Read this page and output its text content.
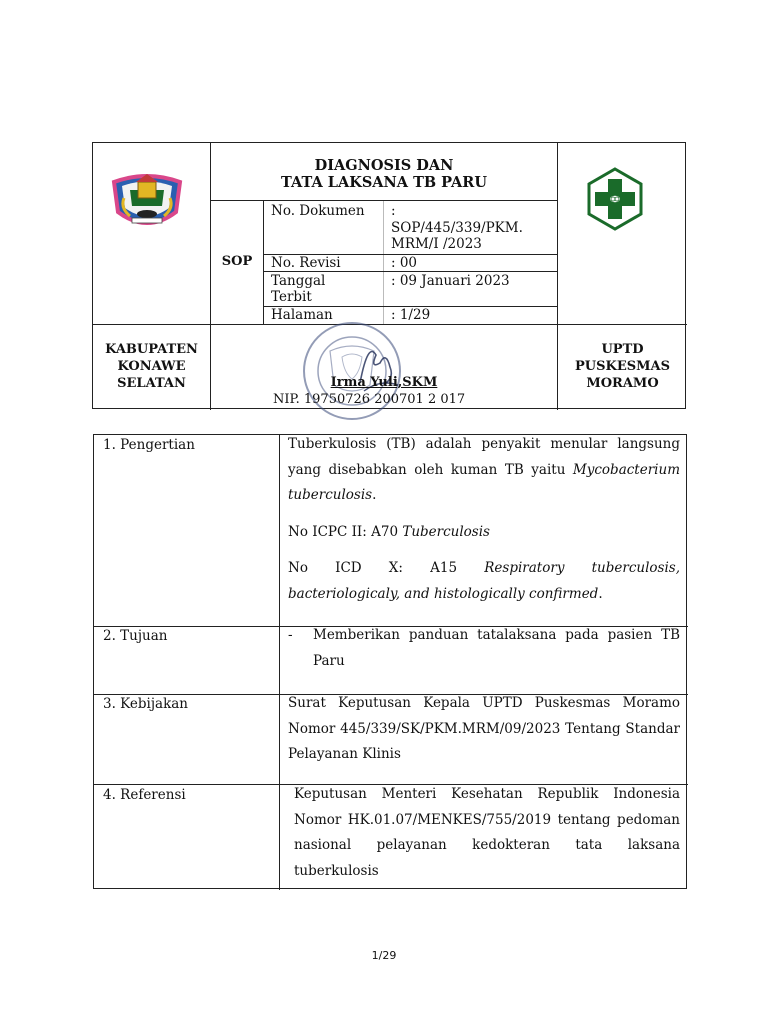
DIAGNOSIS DAN
TATA LAKSANA TB PARU
SOP
No. Dokumen :
SOP/445/339/PKM.
MRM/I /2023
No. Revisi	: 00
Tanggal
Terbit
: 09 Januari 2023
Halaman	: 1/29
KABUPATEN
KONAWE
SELATAN
UPTD
PUSKESMAS
MORAMO
Irma Yuli,SKM
NIP. 19750726 200701 2 017
1. Pengertian	Tuberkulosis (TB) adalah penyakit menular langsung yang disebabkan oleh kuman TB yaitu Mycobacterium tuberculosis.

No ICPC II: A70 Tuberculosis

No ICD X: A15 Respiratory tuberculosis, bacteriologicaly, and histologically confirmed.

2. Tujuan	-	Memberikan panduan tatalaksana pada pasien TB Paru

3. Kebijakan	Surat Keputusan Kepala UPTD Puskesmas Moramo Nomor 445/339/SK/PKM.MRM/09/2023 Tentang Standar Pelayanan Klinis

4. Referensi	Keputusan Menteri Kesehatan Republik Indonesia Nomor HK.01.07/MENKES/755/2019 tentang pedoman nasional pelayanan kedokteran tata laksana tuberkulosis

1/29
